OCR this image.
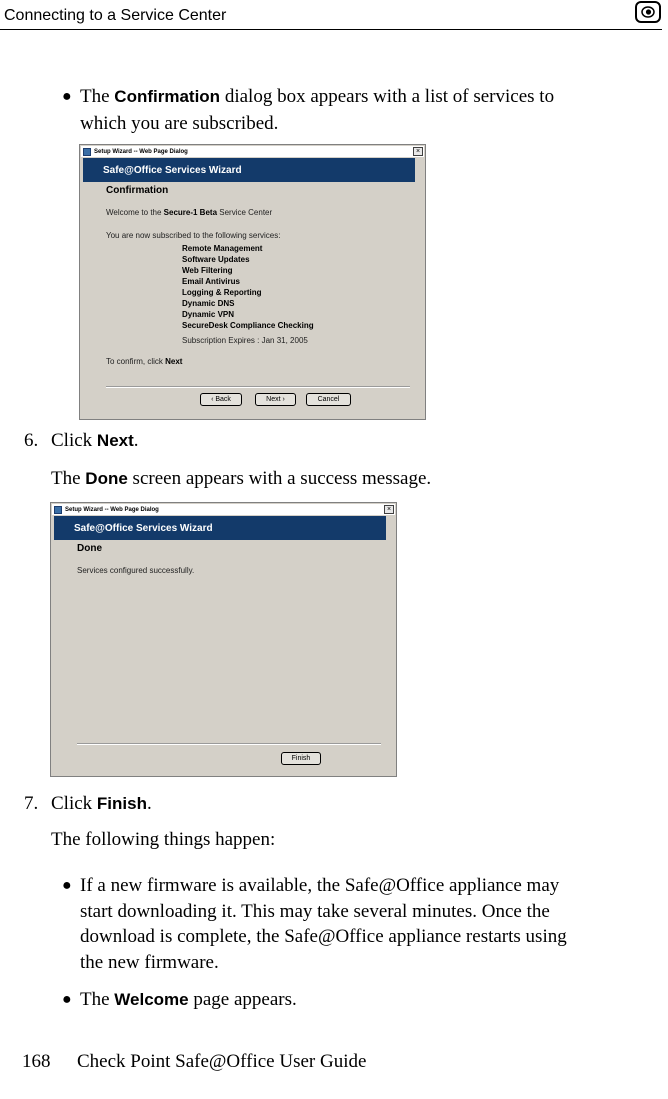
Connecting to a Service Center
● The Confirmation dialog box appears with a list of services to
which you are subscribed.
Setup Wizard -- Web Page Dialog	×
Safe@Office Services Wizard
Confirmation
Welcome to the Secure-1 Beta Service Center
You are now subscribed to the following services:
Remote Management
Software Updates
Web Filtering
Email Antivirus
Logging & Reporting
Dynamic DNS
Dynamic VPN
SecureDesk Compliance Checking
Subscription Expires : Jan 31, 2005
To confirm, click Next
‹ Back	Next ›	Cancel
6. Click Next.
The Done screen appears with a success message.
Setup Wizard -- Web Page Dialog	×
Safe@Office Services Wizard
Done
Services configured successfully.
Finish
7. Click Finish.
The following things happen:
● If a new firmware is available, the Safe@Office appliance may
start downloading it. This may take several minutes. Once the
download is complete, the Safe@Office appliance restarts using
the new firmware.
● The Welcome page appears.
168 Check Point Safe@Office User Guide
